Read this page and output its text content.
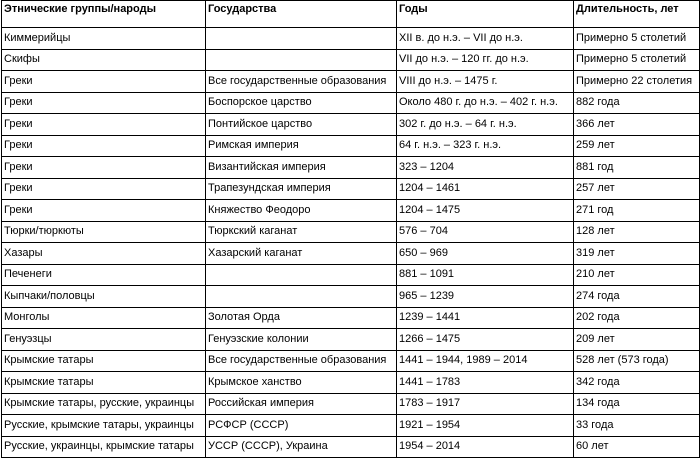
Этнические группы/народы	Государства	Годы	Длительность, лет
Киммерийцы		XII в. до н.э. – VII до н.э.	Примерно 5 столетий
Скифы		VII до н.э. – 120 гг. до н.э.	Примерно 5 столетий
Греки	Все государственные образования	VIII до н.э. – 1475 г.	Примерно 22 столетия
Греки	Боспорское царство	Около 480 г. до н.э. – 402 г. н.э.	882 года
Греки	Понтийское царство	302 г. до н.э. – 64 г. н.э.	366 лет
Греки	Римская империя	64 г. н.э. – 323 г. н.э.	259 лет
Греки	Византийская империя	323 – 1204	881 год
Греки	Трапезундская империя	1204 – 1461	257 лет
Греки	Княжество Феодоро	1204 – 1475	271 год
Тюрки/тюркюты	Тюркский каганат	576 – 704	128 лет
Хазары	Хазарский каганат	650 – 969	319 лет
Печенеги		881 – 1091	210 лет
Кыпчаки/половцы		965 – 1239	274 года
Монголы	Золотая Орда	1239 – 1441	202 года
Генуэзцы	Генуэзские колонии	1266 – 1475	209 лет
Крымские татары	Все государственные образования	1441 – 1944, 1989 – 2014	528 лет (573 года)
Крымские татары	Крымское ханство	1441 – 1783	342 года
Крымские татары, русские, украинцы	Российская империя	1783 – 1917	134 года
Русские, крымские татары, украинцы	РСФСР (СССР)	1921 – 1954	33 года
Русские, украинцы, крымские татары	УССР (СССР), Украина	1954 – 2014	60 лет
